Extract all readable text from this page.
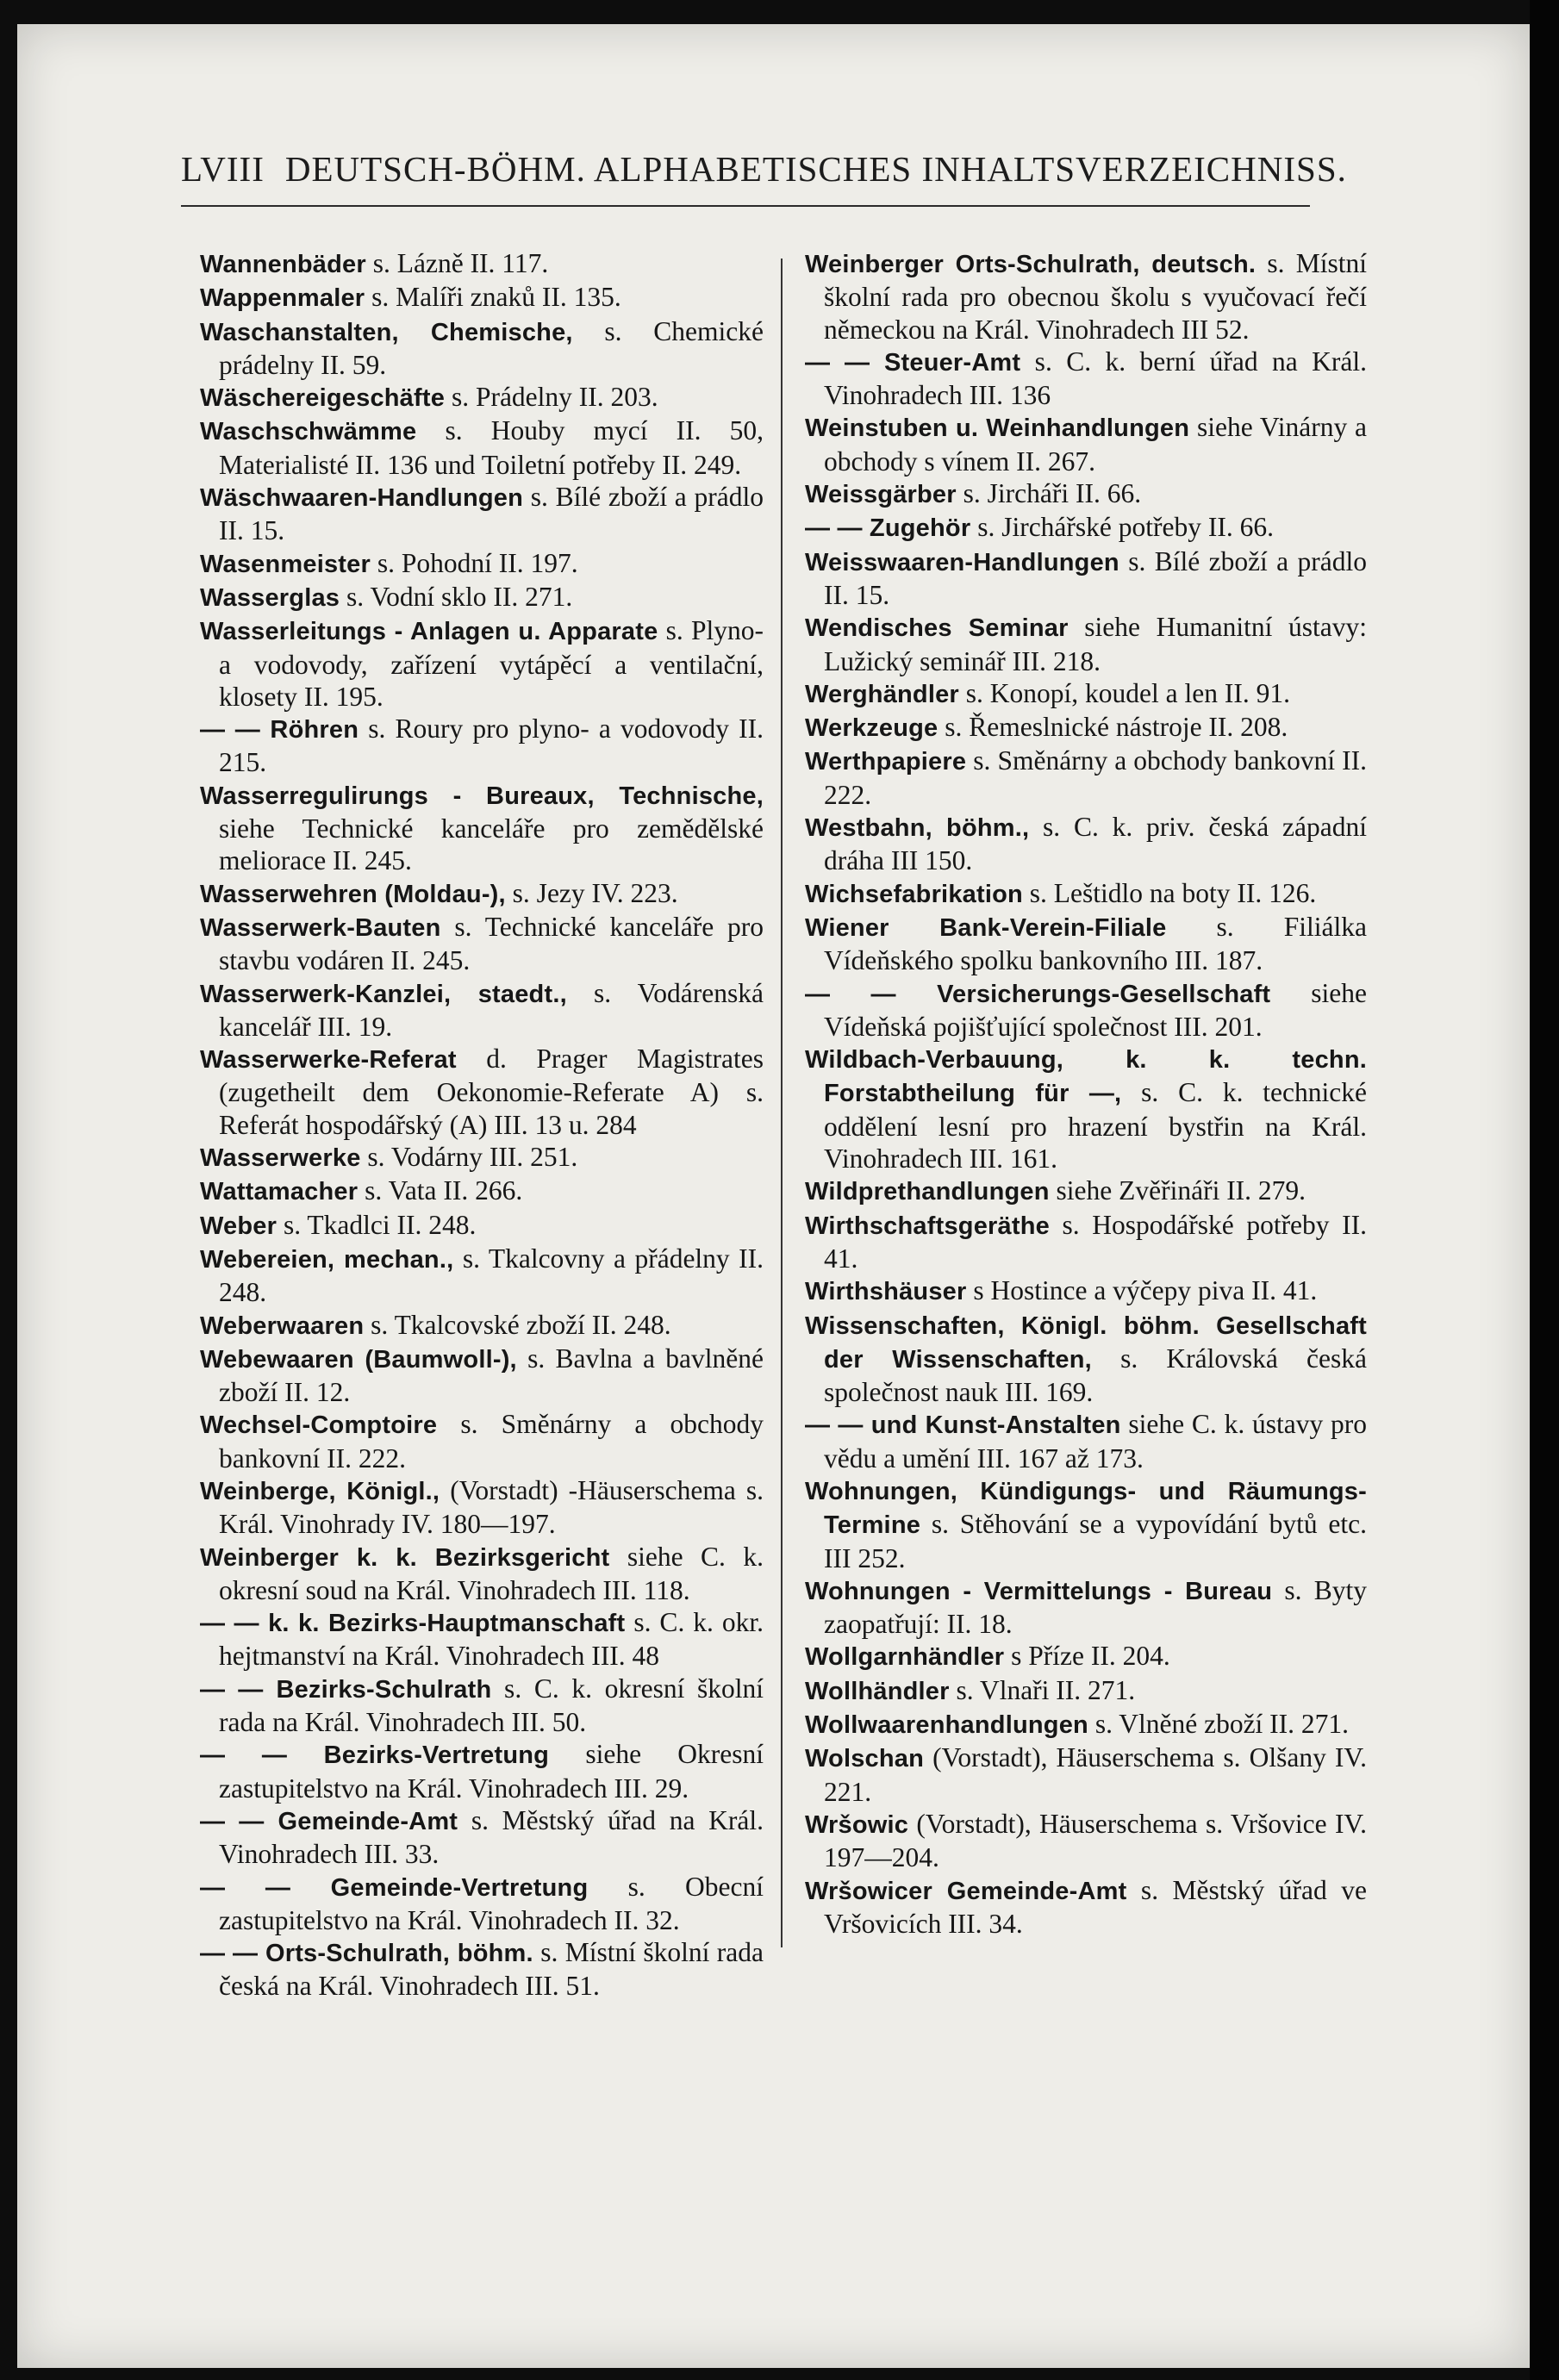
LVIII DEUTSCH-BÖHM. ALPHABETISCHES INHALTSVERZEICHNISS.

Wannenbäder s. Lázně II. 117.

Wappenmaler s. Malíři znaků II. 135.

Waschanstalten, Chemische, s. Chemické prádelny II. 59.

Wäschereigeschäfte s. Prádelny II. 203.

Waschschwämme s. Houby mycí II. 50, Materialisté II. 136 und Toiletní potřeby II. 249.

Wäschwaaren-Handlungen s. Bílé zboží a prádlo II. 15.

Wasenmeister s. Pohodní II. 197.

Wasserglas s. Vodní sklo II. 271.

Wasserleitungs - Anlagen u. Apparate s. Plyno- a vodovody, zařízení vytápěcí a ventilační, klosety II. 195.

— — Röhren s. Roury pro plyno- a vodovody II. 215.

Wasserregulirungs - Bureaux, Technische, siehe Technické kanceláře pro zemědělské meliorace II. 245.

Wasserwehren (Moldau-), s. Jezy IV. 223.

Wasserwerk-Bauten s. Technické kanceláře pro stavbu vodáren II. 245.

Wasserwerk-Kanzlei, staedt., s. Vodárenská kancelář III. 19.

Wasserwerke-Referat d. Prager Magistrates (zugetheilt dem Oekonomie-Referate A) s. Referát hospodářský (A) III. 13 u. 284

Wasserwerke s. Vodárny III. 251.

Wattamacher s. Vata II. 266.

Weber s. Tkadlci II. 248.

Webereien, mechan., s. Tkalcovny a přádelny II. 248.

Weberwaaren s. Tkalcovské zboží II. 248.

Webewaaren (Baumwoll-), s. Bavlna a bavlněné zboží II. 12.

Wechsel-Comptoire s. Směnárny a obchody bankovní II. 222.

Weinberge, Königl., (Vorstadt) -Häuserschema s. Král. Vinohrady IV. 180—197.

Weinberger k. k. Bezirksgericht siehe C. k. okresní soud na Král. Vinohradech III. 118.

— — k. k. Bezirks-Hauptmanschaft s. C. k. okr. hejtmanství na Král. Vinohradech III. 48

— — Bezirks-Schulrath s. C. k. okresní školní rada na Král. Vinohradech III. 50.

— — Bezirks-Vertretung siehe Okresní zastupitelstvo na Král. Vinohradech III. 29.

— — Gemeinde-Amt s. Městský úřad na Král. Vinohradech III. 33.

— — Gemeinde-Vertretung s. Obecní zastupitelstvo na Král. Vinohradech II. 32.

— — Orts-Schulrath, böhm. s. Místní školní rada česká na Král. Vinohradech III. 51.

Weinberger Orts-Schulrath, deutsch. s. Místní školní rada pro obecnou školu s vyučovací řečí německou na Král. Vinohradech III 52.

— — Steuer-Amt s. C. k. berní úřad na Král. Vinohradech III. 136

Weinstuben u. Weinhandlungen siehe Vinárny a obchody s vínem II. 267.

Weissgärber s. Jircháři II. 66.

— — Zugehör s. Jirchářské potřeby II. 66.

Weisswaaren-Handlungen s. Bílé zboží a prádlo II. 15.

Wendisches Seminar siehe Humanitní ústavy: Lužický seminář III. 218.

Werghändler s. Konopí, koudel a len II. 91.

Werkzeuge s. Řemeslnické nástroje II. 208.

Werthpapiere s. Směnárny a obchody bankovní II. 222.

Westbahn, böhm., s. C. k. priv. česká západní dráha III 150.

Wichsefabrikation s. Leštidlo na boty II. 126.

Wiener Bank-Verein-Filiale s. Filiálka Vídeňského spolku bankovního III. 187.

— — Versicherungs-Gesellschaft siehe Vídeňská pojišťující společnost III. 201.

Wildbach-Verbauung, k. k. techn. Forstabtheilung für —, s. C. k. technické oddělení lesní pro hrazení bystřin na Král. Vinohradech III. 161.

Wildprethandlungen siehe Zvěřináři II. 279.

Wirthschaftsgeräthe s. Hospodářské potřeby II. 41.

Wirthshäuser s Hostince a výčepy piva II. 41.

Wissenschaften, Königl. böhm. Gesellschaft der Wissenschaften, s. Královská česká společnost nauk III. 169.

— — und Kunst-Anstalten siehe C. k. ústavy pro vědu a umění III. 167 až 173.

Wohnungen, Kündigungs- und Räumungs-Termine s. Stěhování se a vypovídání bytů etc. III 252.

Wohnungen - Vermittelungs - Bureau s. Byty zaopatřují: II. 18.

Wollgarnhändler s Příze II. 204.

Wollhändler s. Vlnaři II. 271.

Wollwaarenhandlungen s. Vlněné zboží II. 271.

Wolschan (Vorstadt), Häuserschema s. Olšany IV. 221.

Wršowic (Vorstadt), Häuserschema s. Vršovice IV. 197—204.

Wršowicer Gemeinde-Amt s. Městský úřad ve Vršovicích III. 34.
